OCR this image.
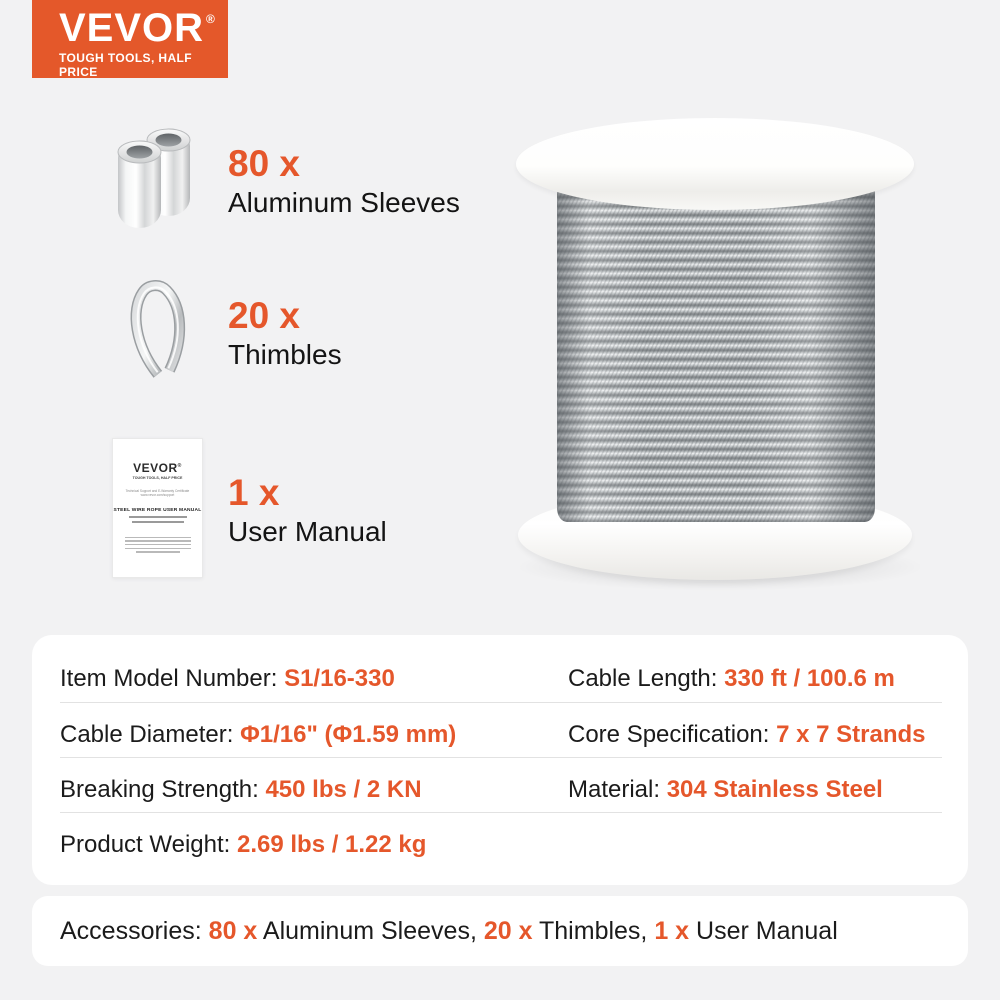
VEVOR ®
TOUGH TOOLS, HALF PRICE
80 x
Aluminum Sleeves
20 x
Thimbles
VEVOR®
TOUGH TOOLS, HALF PRICE
Technical Support and E-Warranty Certificate
www.vevor.com/support
STEEL WIRE ROPE USER MANUAL 1 x
User Manual
Item Model Number: S1/16-330	Cable Length: 330 ft / 100.6 m
Cable Diameter: Φ1/16" (Φ1.59 mm)	Core Specification: 7 x 7 Strands
Breaking Strength: 450 lbs / 2 KN	Material: 304 Stainless Steel
Product Weight: 2.69 lbs / 1.22 kg
Accessories: 80 x Aluminum Sleeves, 20 x Thimbles, 1 x User Manual
